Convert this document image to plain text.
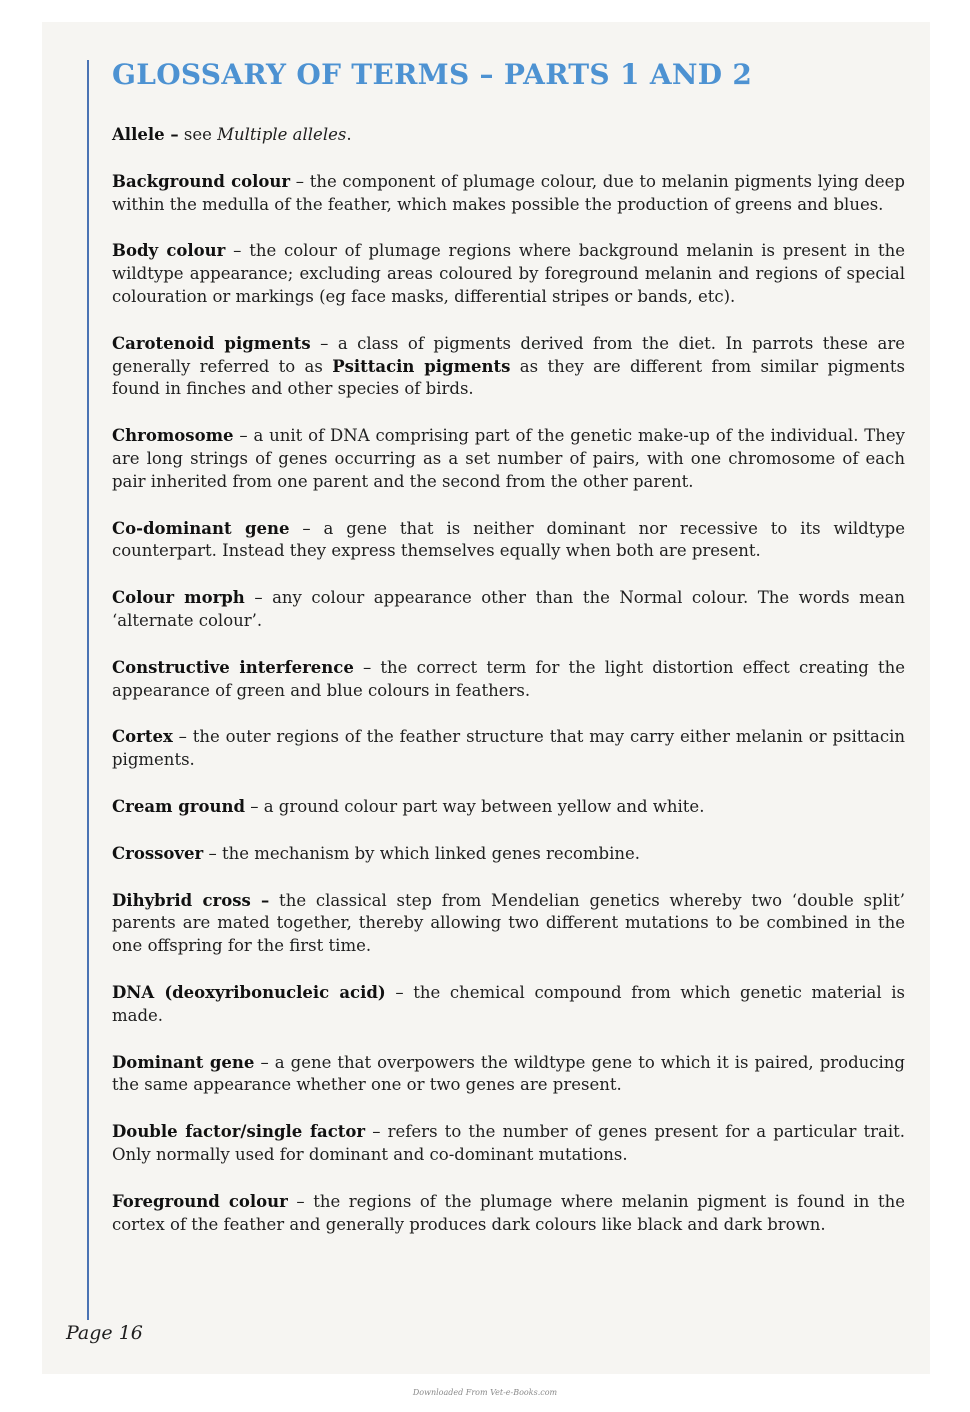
GLOSSARY OF TERMS – PARTS 1 AND 2

Allele – see Multiple alleles.

Background colour – the component of plumage colour, due to melanin pigments lying deep within the medulla of the feather, which makes possible the production of greens and blues.

Body colour – the colour of plumage regions where background melanin is present in the wildtype appearance; excluding areas coloured by foreground melanin and regions of special colouration or markings (eg face masks, differential stripes or bands, etc).

Carotenoid pigments – a class of pigments derived from the diet. In parrots these are generally referred to as Psittacin pigments as they are different from similar pigments found in finches and other species of birds.

Chromosome – a unit of DNA comprising part of the genetic make-up of the individual. They are long strings of genes occurring as a set number of pairs, with one chromosome of each pair inherited from one parent and the second from the other parent.

Co-dominant gene – a gene that is neither dominant nor recessive to its wildtype counterpart. Instead they express themselves equally when both are present.

Colour morph – any colour appearance other than the Normal colour. The words mean ‘alternate colour’.

Constructive interference – the correct term for the light distortion effect creating the appearance of green and blue colours in feathers.

Cortex – the outer regions of the feather structure that may carry either melanin or psittacin pigments.

Cream ground – a ground colour part way between yellow and white.

Crossover – the mechanism by which linked genes recombine.

Dihybrid cross – the classical step from Mendelian genetics whereby two ‘double split’ parents are mated together, thereby allowing two different mutations to be combined in the one offspring for the first time.

DNA (deoxyribonucleic acid) – the chemical compound from which genetic material is made.

Dominant gene – a gene that overpowers the wildtype gene to which it is paired, producing the same appearance whether one or two genes are present.

Double factor/single factor – refers to the number of genes present for a particular trait. Only normally used for dominant and co-dominant mutations.

Foreground colour – the regions of the plumage where melanin pigment is found in the cortex of the feather and generally produces dark colours like black and dark brown.

Page 16
Downloaded From Vet-e-Books.com
